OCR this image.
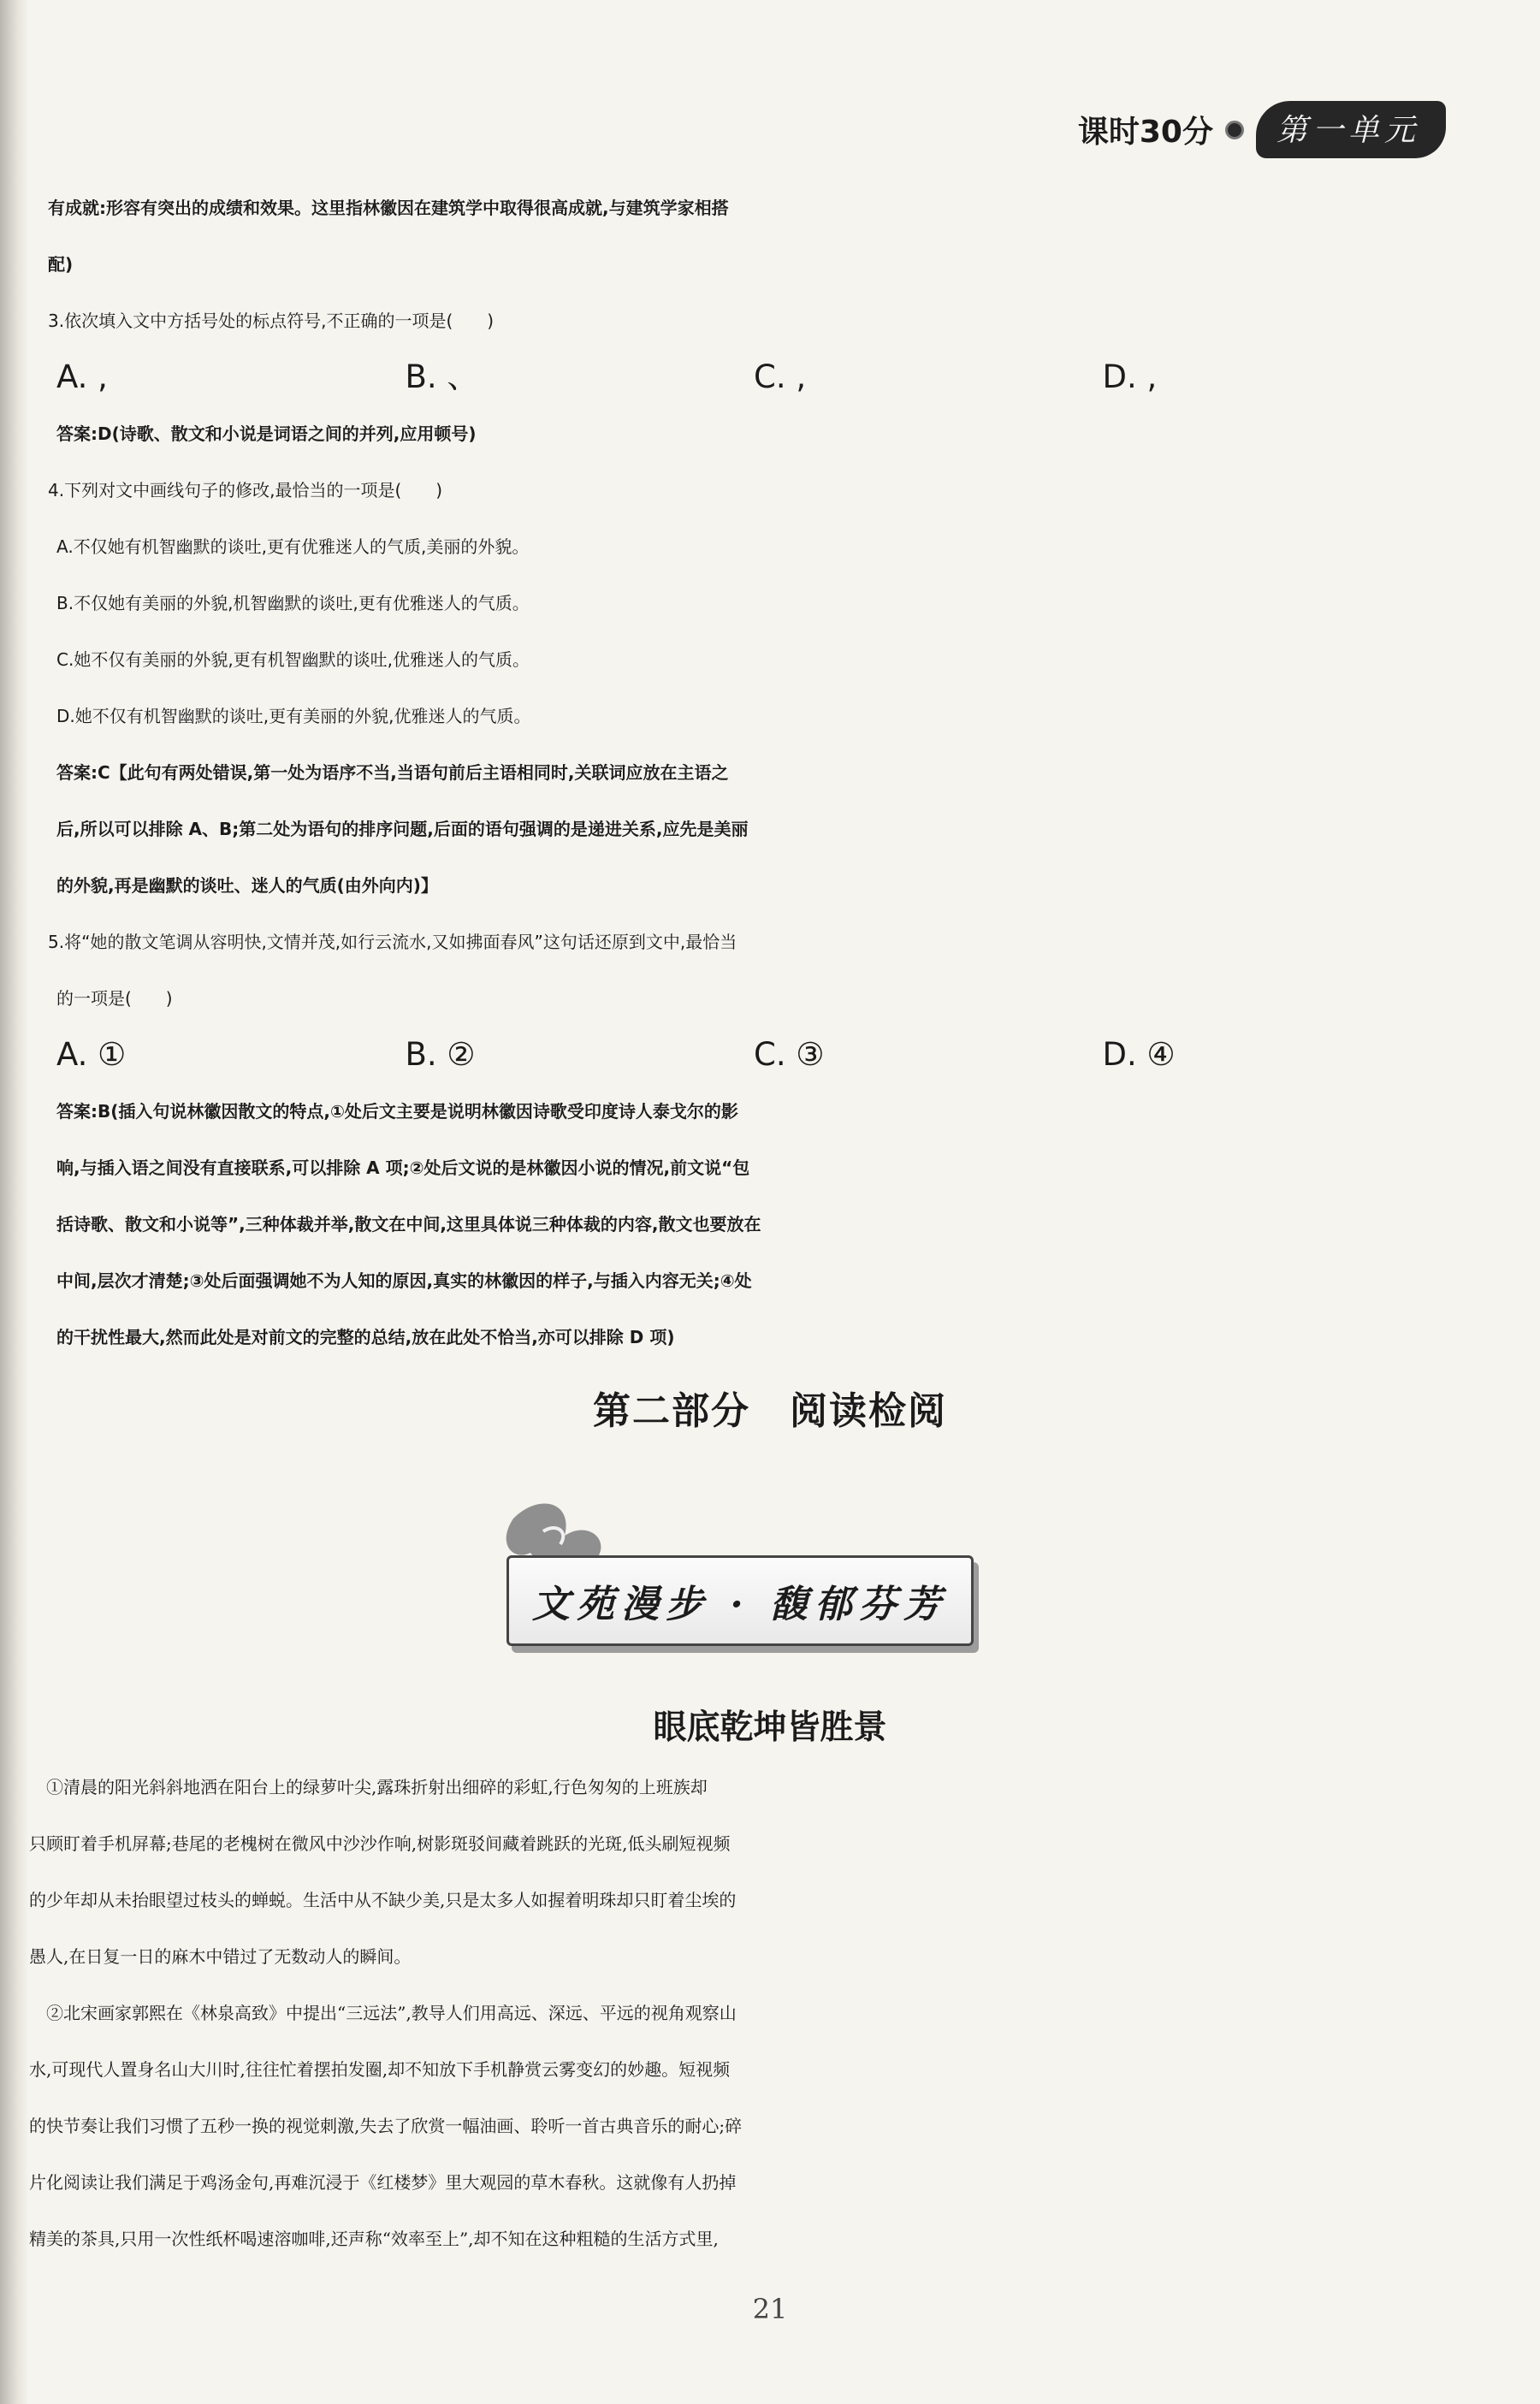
课时30分	第一单元
有成就:形容有突出的成绩和效果。这里指林徽因在建筑学中取得很高成就,与建筑学家相搭
配)
3.依次填入文中方括号处的标点符号,不正确的一项是(　　)
A. ,	B. 、	C. ,	D. ,
答案:D(诗歌、散文和小说是词语之间的并列,应用顿号)
4.下列对文中画线句子的修改,最恰当的一项是(　　)
A.不仅她有机智幽默的谈吐,更有优雅迷人的气质,美丽的外貌。
B.不仅她有美丽的外貌,机智幽默的谈吐,更有优雅迷人的气质。
C.她不仅有美丽的外貌,更有机智幽默的谈吐,优雅迷人的气质。
D.她不仅有机智幽默的谈吐,更有美丽的外貌,优雅迷人的气质。
答案:C【此句有两处错误,第一处为语序不当,当语句前后主语相同时,关联词应放在主语之
后,所以可以排除 A、B;第二处为语句的排序问题,后面的语句强调的是递进关系,应先是美丽
的外貌,再是幽默的谈吐、迷人的气质(由外向内)】
5.将“她的散文笔调从容明快,文情并茂,如行云流水,又如拂面春风”这句话还原到文中,最恰当
的一项是(　　)
A. ①	B. ②	C. ③	D. ④
答案:B(插入句说林徽因散文的特点,①处后文主要是说明林徽因诗歌受印度诗人泰戈尔的影
响,与插入语之间没有直接联系,可以排除 A 项;②处后文说的是林徽因小说的情况,前文说“包
括诗歌、散文和小说等”,三种体裁并举,散文在中间,这里具体说三种体裁的内容,散文也要放在
中间,层次才清楚;③处后面强调她不为人知的原因,真实的林徽因的样子,与插入内容无关;④处
的干扰性最大,然而此处是对前文的完整的总结,放在此处不恰当,亦可以排除 D 项)
第二部分　阅读检阅
文苑漫步 · 馥郁芬芳
眼底乾坤皆胜景
　①清晨的阳光斜斜地洒在阳台上的绿萝叶尖,露珠折射出细碎的彩虹,行色匆匆的上班族却
只顾盯着手机屏幕;巷尾的老槐树在微风中沙沙作响,树影斑驳间藏着跳跃的光斑,低头刷短视频
的少年却从未抬眼望过枝头的蝉蜕。生活中从不缺少美,只是太多人如握着明珠却只盯着尘埃的
愚人,在日复一日的麻木中错过了无数动人的瞬间。
　②北宋画家郭熙在《林泉高致》中提出“三远法”,教导人们用高远、深远、平远的视角观察山
水,可现代人置身名山大川时,往往忙着摆拍发圈,却不知放下手机静赏云雾变幻的妙趣。短视频
的快节奏让我们习惯了五秒一换的视觉刺激,失去了欣赏一幅油画、聆听一首古典音乐的耐心;碎
片化阅读让我们满足于鸡汤金句,再难沉浸于《红楼梦》里大观园的草木春秋。这就像有人扔掉
精美的茶具,只用一次性纸杯喝速溶咖啡,还声称“效率至上”,却不知在这种粗糙的生活方式里,
21
